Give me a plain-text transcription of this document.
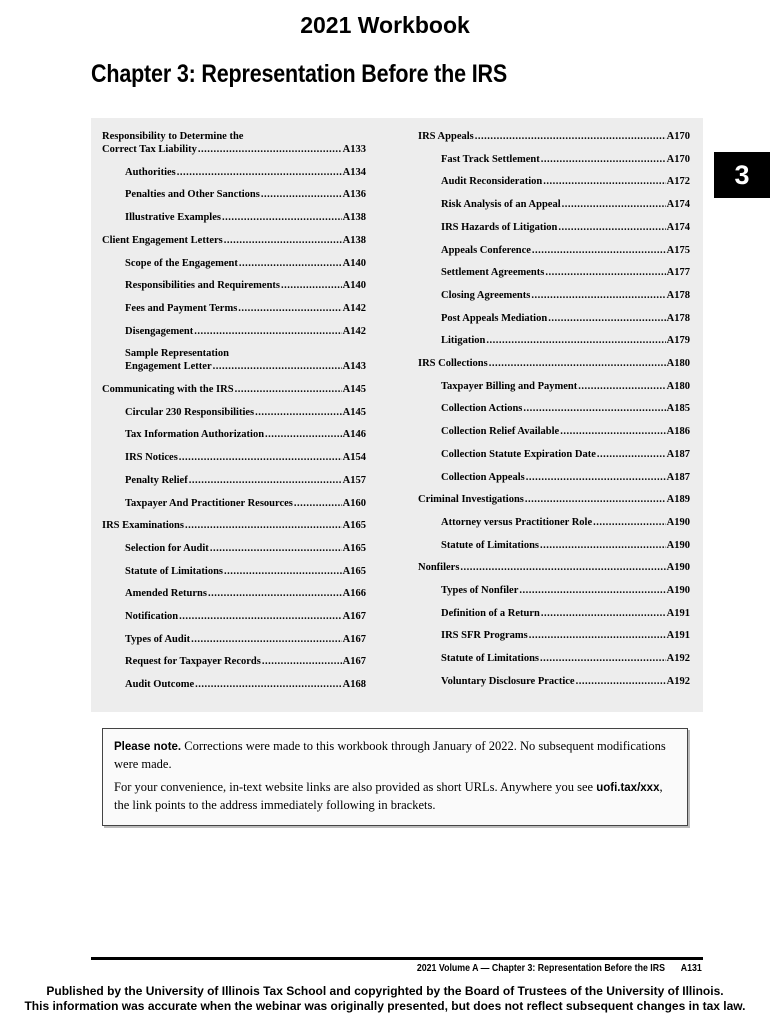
2021 Workbook
Chapter 3: Representation Before the IRS
3
Responsibility to Determine the
Correct Tax Liability .....	A133
Authorities .....	A134
Penalties and Other Sanctions .....	A136
Illustrative Examples .....	A138
Client Engagement Letters .....	A138
Scope of the Engagement .....	A140
Responsibilities and Requirements .....	A140
Fees and Payment Terms .....	A142
Disengagement .....	A142
Sample Representation
Engagement Letter .....	A143
Communicating with the IRS .....	A145
Circular 230 Responsibilities .....	A145
Tax Information Authorization .....	A146
IRS Notices .....	A154
Penalty Relief .....	A157
Taxpayer And Practitioner Resources .....	A160
IRS Examinations .....	A165
Selection for Audit .....	A165
Statute of Limitations .....	A165
Amended Returns .....	A166
Notification .....	A167
Types of Audit .....	A167
Request for Taxpayer Records .....	A167
Audit Outcome .....	A168
IRS Appeals .....	A170
Fast Track Settlement .....	A170
Audit Reconsideration .....	A172
Risk Analysis of an Appeal .....	A174
IRS Hazards of Litigation .....	A174
Appeals Conference .....	A175
Settlement Agreements .....	A177
Closing Agreements .....	A178
Post Appeals Mediation .....	A178
Litigation .....	A179
IRS Collections .....	A180
Taxpayer Billing and Payment .....	A180
Collection Actions .....	A185
Collection Relief Available .....	A186
Collection Statute Expiration Date .....	A187
Collection Appeals .....	A187
Criminal Investigations .....	A189
Attorney versus Practitioner Role .....	A190
Statute of Limitations .....	A190
Nonfilers .....	A190
Types of Nonfiler .....	A190
Definition of a Return .....	A191
IRS SFR Programs .....	A191
Statute of Limitations .....	A192
Voluntary Disclosure Practice .....	A192

Please note. Corrections were made to this workbook through January of 2022. No subsequent modifications were made.

For your convenience, in-text website links are also provided as short URLs. Anywhere you see uofi.tax/xxx, the link points to the address immediately following in brackets.

2021 Volume A — Chapter 3: Representation Before the IRS A131
Published by the University of Illinois Tax School and copyrighted by the Board of Trustees of the University of Illinois.
This information was accurate when the webinar was originally presented, but does not reflect subsequent changes in tax law.
